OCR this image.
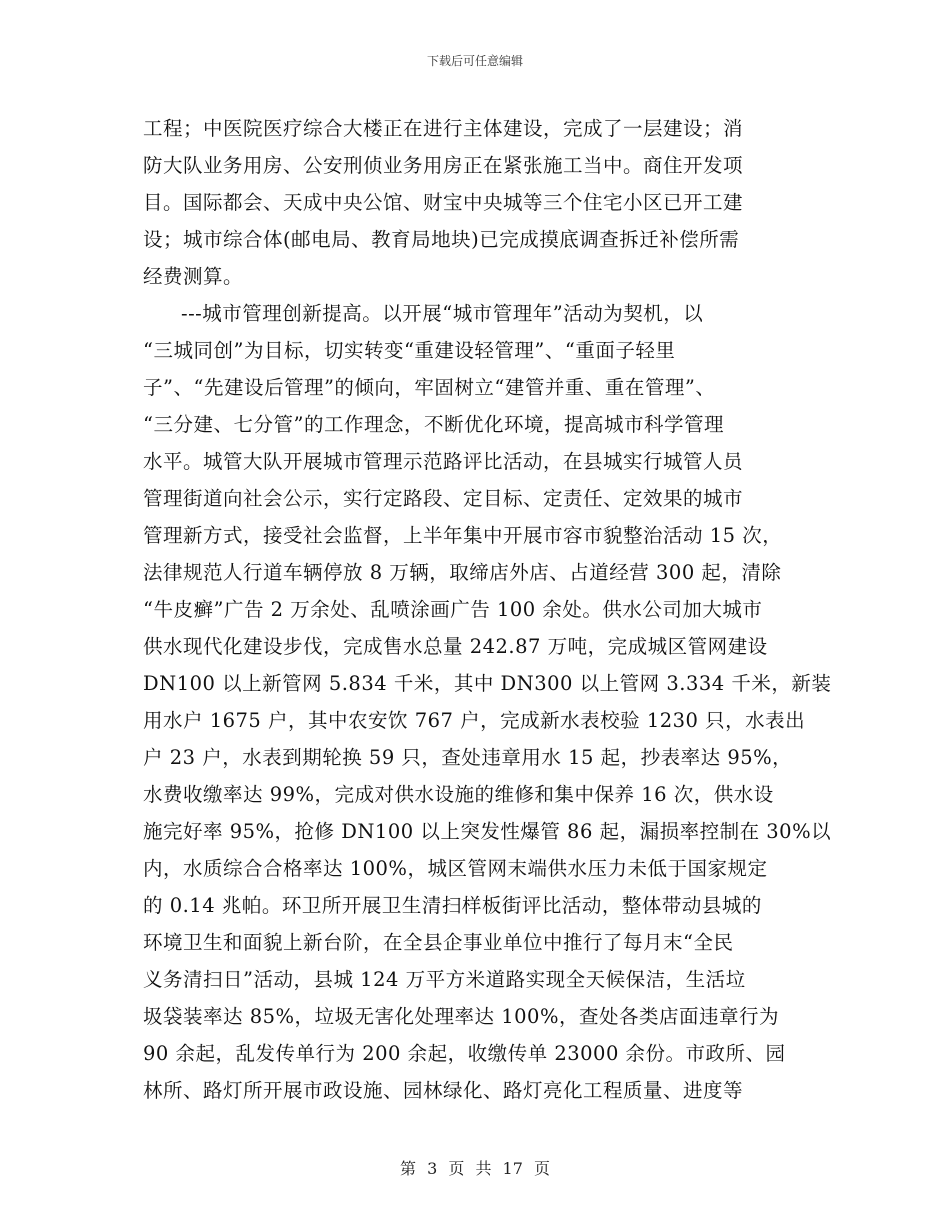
下载后可任意编辑
工程；中医院医疗综合大楼正在进行主体建设，完成了一层建设；消
防大队业务用房、公安刑侦业务用房正在紧张施工当中。商住开发项
目。国际都会、天成中央公馆、财宝中央城等三个住宅小区已开工建
设；城市综合体(邮电局、教育局地块)已完成摸底调查拆迁补偿所需
经费测算。
---城市管理创新提高。以开展“城市管理年”活动为契机，以
“三城同创”为目标，切实转变“重建设轻管理”、“重面子轻里
子”、“先建设后管理”的倾向，牢固树立“建管并重、重在管理”、
“三分建、七分管”的工作理念，不断优化环境，提高城市科学管理
水平。城管大队开展城市管理示范路评比活动，在县城实行城管人员
管理街道向社会公示，实行定路段、定目标、定责任、定效果的城市
管理新方式，接受社会监督，上半年集中开展市容市貌整治活动 15 次，
法律规范人行道车辆停放 8 万辆，取缔店外店、占道经营 300 起，清除
“牛皮癣”广告 2 万余处、乱喷涂画广告 100 余处。供水公司加大城市
供水现代化建设步伐，完成售水总量 242.87 万吨，完成城区管网建设
DN100 以上新管网 5.834 千米，其中 DN300 以上管网 3.334 千米，新装
用水户 1675 户，其中农安饮 767 户，完成新水表校验 1230 只，水表出
户 23 户，水表到期轮换 59 只，查处违章用水 15 起，抄表率达 95%，
水费收缴率达 99%，完成对供水设施的维修和集中保养 16 次，供水设
施完好率 95%，抢修 DN100 以上突发性爆管 86 起，漏损率控制在 30%以
内，水质综合合格率达 100%，城区管网末端供水压力未低于国家规定
的 0.14 兆帕。环卫所开展卫生清扫样板街评比活动，整体带动县城的
环境卫生和面貌上新台阶，在全县企事业单位中推行了每月末“全民
义务清扫日”活动，县城 124 万平方米道路实现全天候保洁，生活垃
圾袋装率达 85%，垃圾无害化处理率达 100%，查处各类店面违章行为
90 余起，乱发传单行为 200 余起，收缴传单 23000 余份。市政所、园
林所、路灯所开展市政设施、园林绿化、路灯亮化工程质量、进度等
第 3 页 共 17 页
